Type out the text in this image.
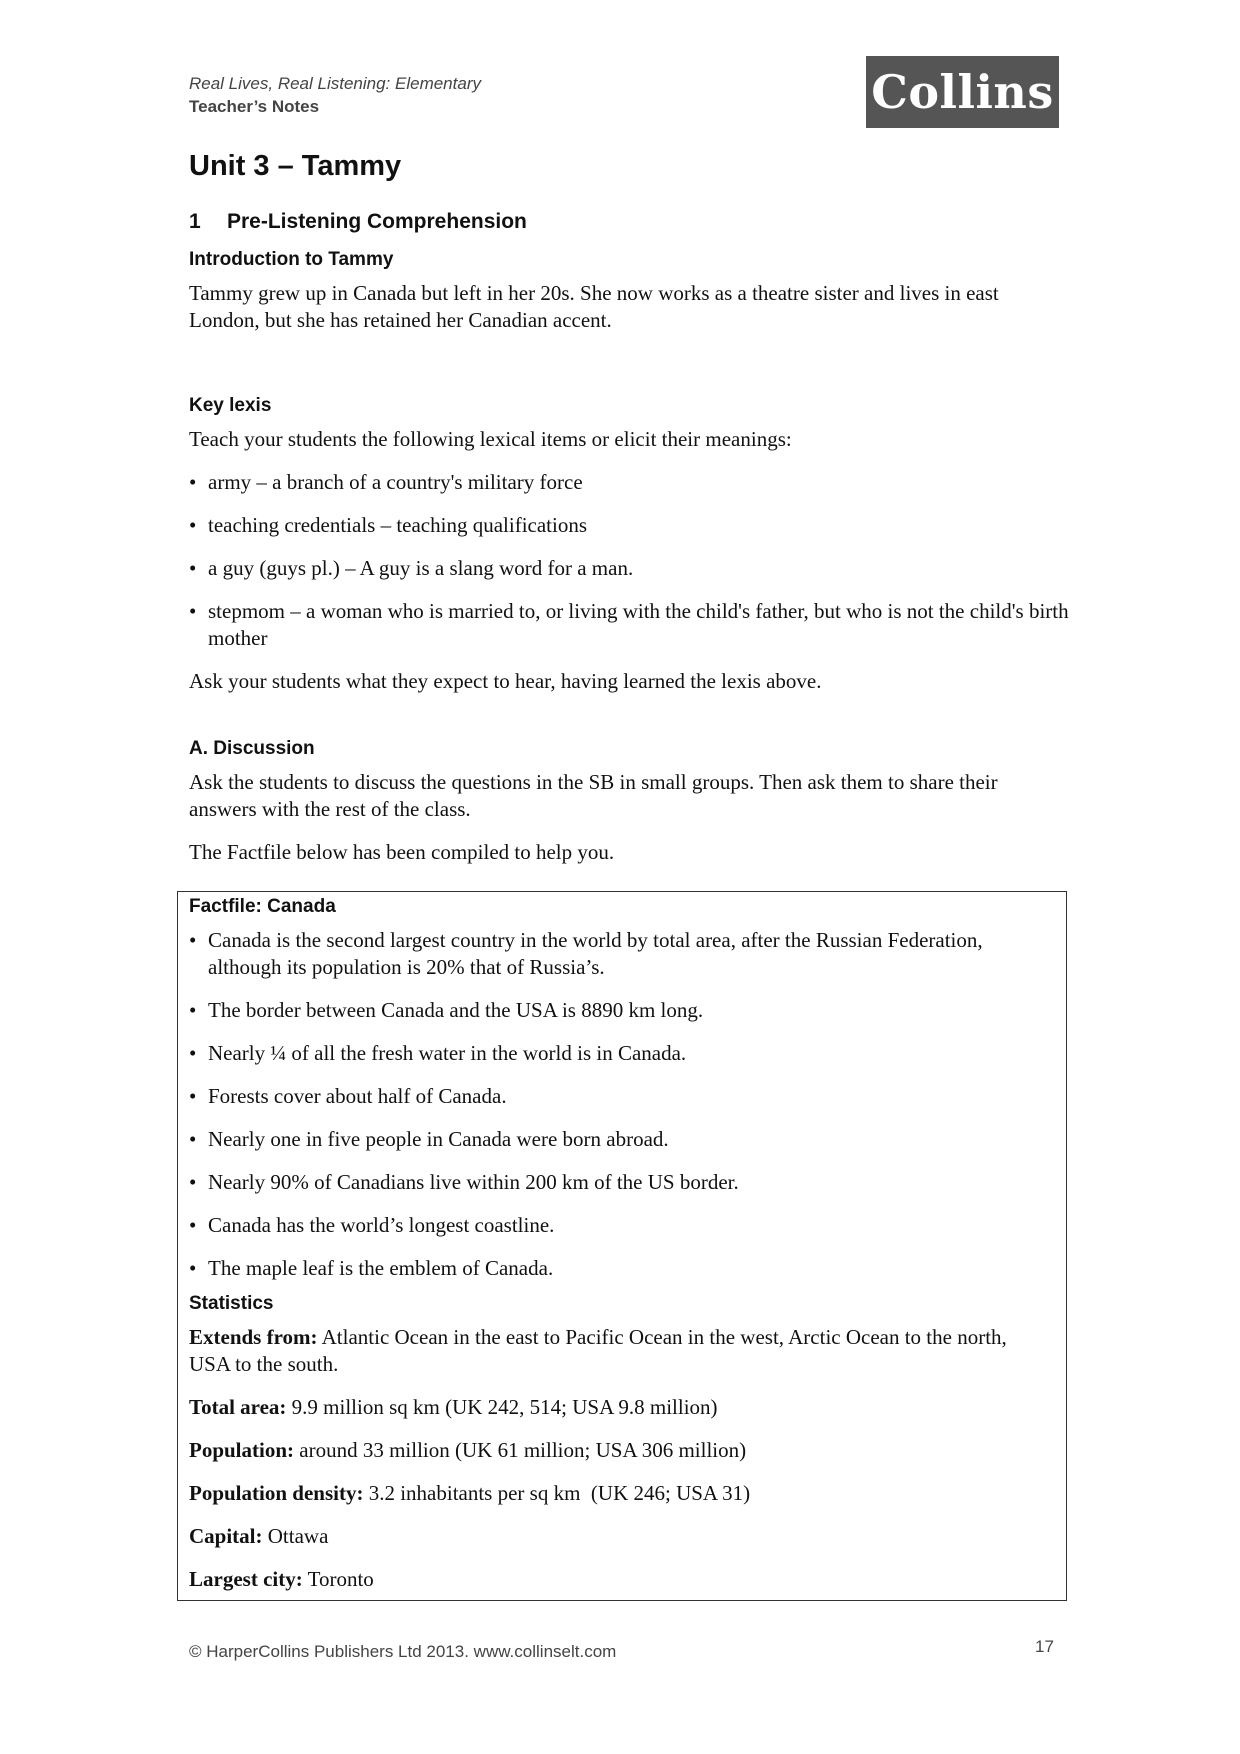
Real Lives, Real Listening: Elementary
Teacher’s Notes	Collins
Unit 3 – Tammy
1 Pre-Listening Comprehension
Introduction to Tammy

Tammy grew up in Canada but left in her 20s. She now works as a theatre sister and lives in east London, but she has retained her Canadian accent.

Key lexis

Teach your students the following lexical items or elicit their meanings:

• army – a branch of a country's military force
• teaching credentials – teaching qualifications
• a guy (guys pl.) – A guy is a slang word for a man.
• stepmom – a woman who is married to, or living with the child's father, but who is not the child's birth mother

Ask your students what they expect to hear, having learned the lexis above.

A. Discussion

Ask the students to discuss the questions in the SB in small groups. Then ask them to share their answers with the rest of the class.

The Factfile below has been compiled to help you.

Factfile: Canada
• Canada is the second largest country in the world by total area, after the Russian Federation, although its population is 20% that of Russia’s.
• The border between Canada and the USA is 8890 km long.
• Nearly ¼ of all the fresh water in the world is in Canada.
• Forests cover about half of Canada.
• Nearly one in five people in Canada were born abroad.
• Nearly 90% of Canadians live within 200 km of the US border.
• Canada has the world’s longest coastline.
• The maple leaf is the emblem of Canada.
Statistics

Extends from: Atlantic Ocean in the east to Pacific Ocean in the west, Arctic Ocean to the north, USA to the south.

Total area: 9.9 million sq km (UK 242, 514; USA 9.8 million)

Population: around 33 million (UK 61 million; USA 306 million)

Population density: 3.2 inhabitants per sq km  (UK 246; USA 31)

Capital: Ottawa

Largest city: Toronto

© HarperCollins Publishers Ltd 2013. www.collinselt.com	17
